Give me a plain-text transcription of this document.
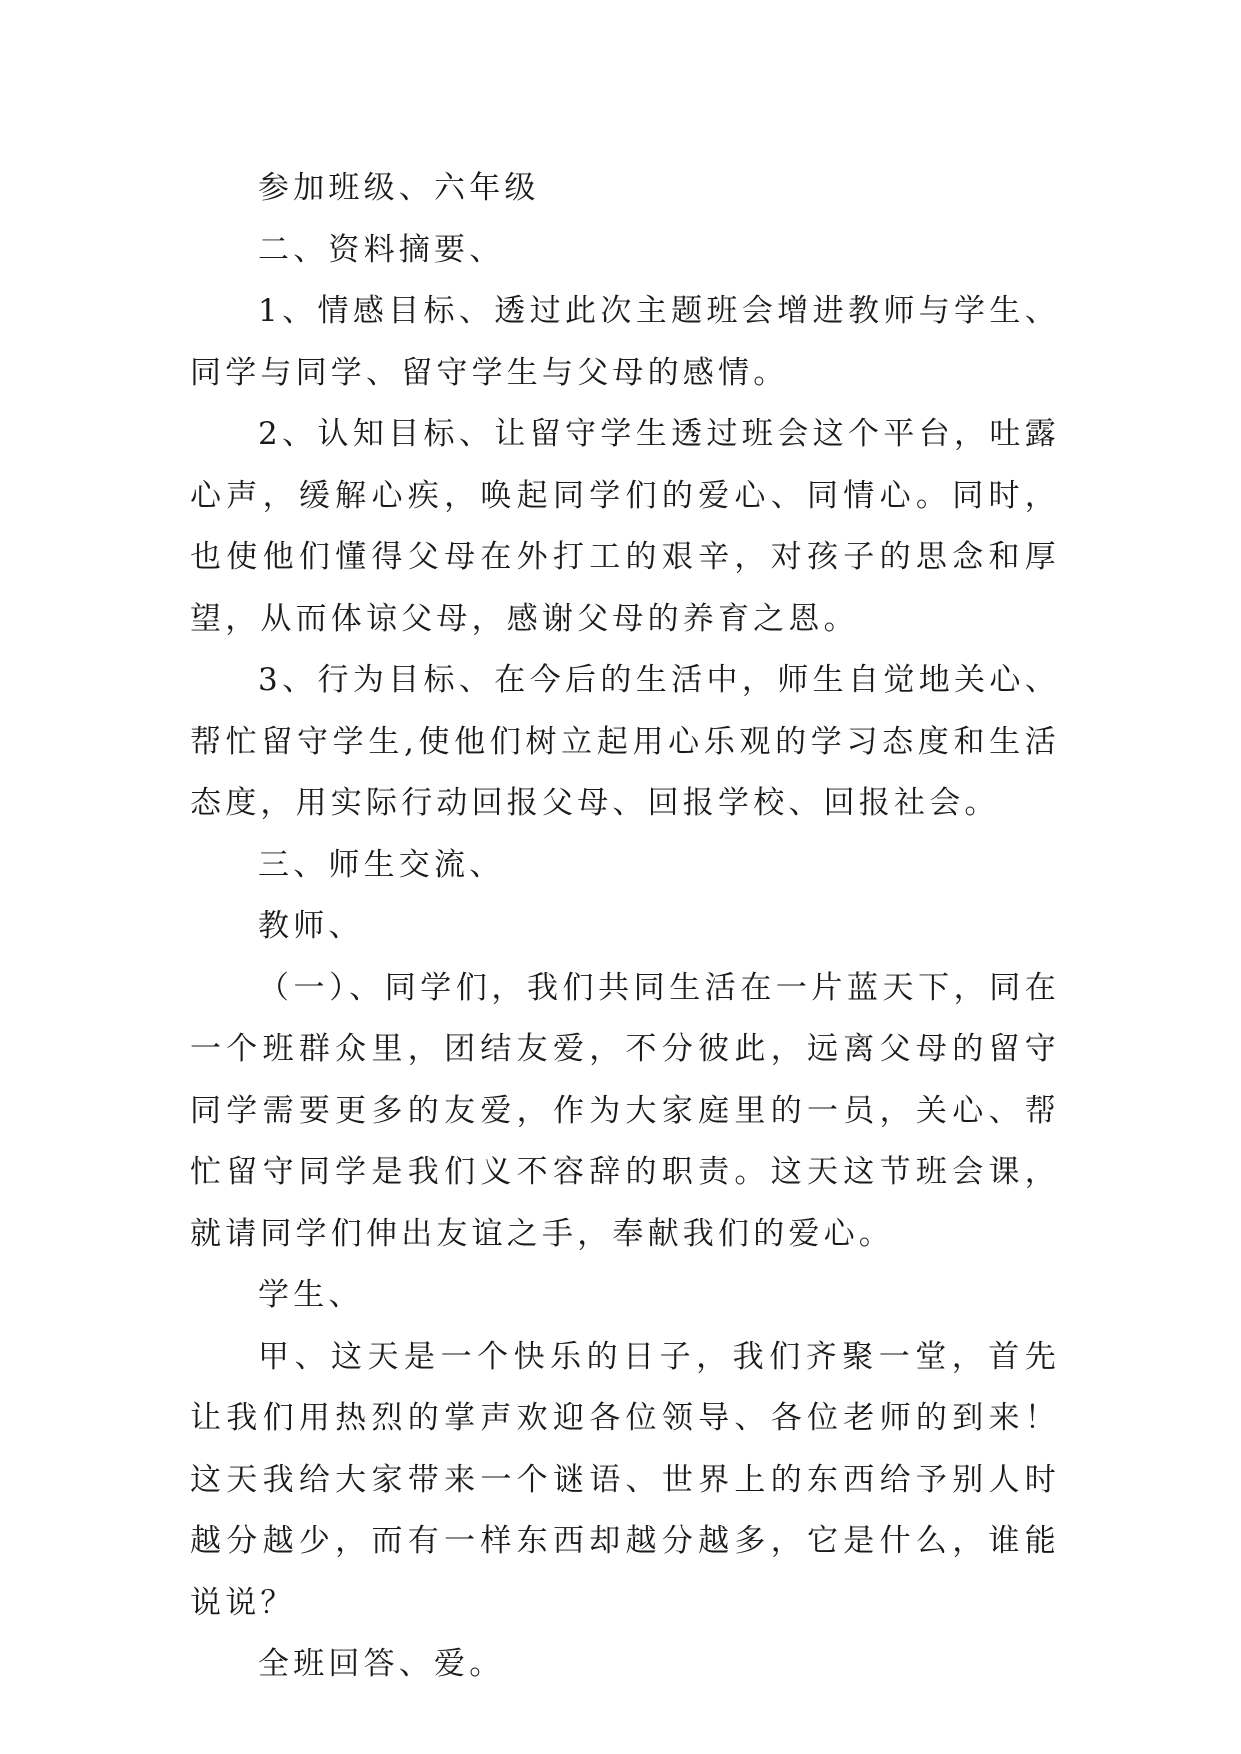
参加班级、六年级

二、资料摘要、

1、情感目标、透过此次主题班会增进教师与学生、同学与同学、留守学生与父母的感情。

2、认知目标、让留守学生透过班会这个平台，吐露心声，缓解心疾，唤起同学们的爱心、同情心。同时，也使他们懂得父母在外打工的艰辛，对孩子的思念和厚望，从而体谅父母，感谢父母的养育之恩。

3、行为目标、在今后的生活中，师生自觉地关心、帮忙留守学生,使他们树立起用心乐观的学习态度和生活态度，用实际行动回报父母、回报学校、回报社会。

三、师生交流、

教师、

（一）、同学们，我们共同生活在一片蓝天下，同在一个班群众里，团结友爱，不分彼此，远离父母的留守同学需要更多的友爱，作为大家庭里的一员，关心、帮忙留守同学是我们义不容辞的职责。这天这节班会课，就请同学们伸出友谊之手，奉献我们的爱心。

学生、

甲、这天是一个快乐的日子，我们齐聚一堂，首先让我们用热烈的掌声欢迎各位领导、各位老师的到来！这天我给大家带来一个谜语、世界上的东西给予别人时越分越少，而有一样东西却越分越多，它是什么，谁能说说？

全班回答、爱。
